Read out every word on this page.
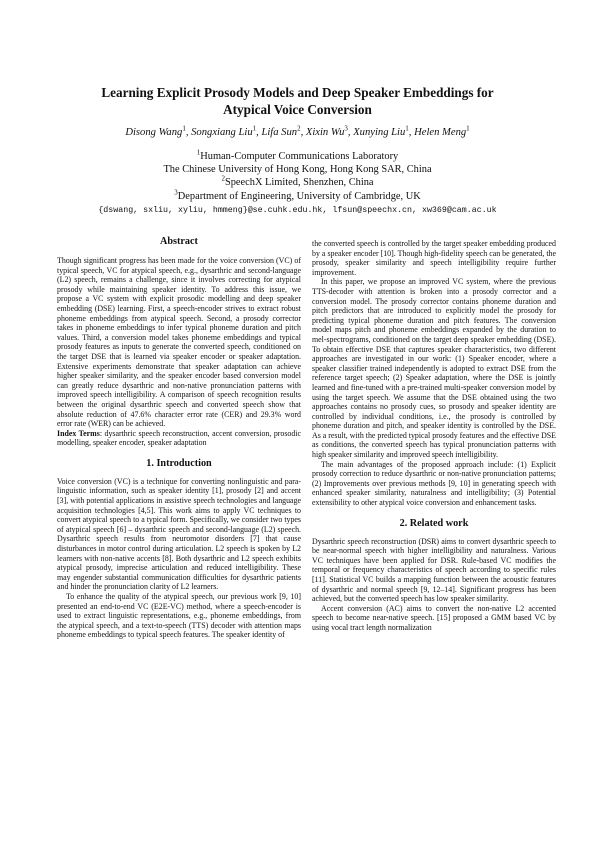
Learning Explicit Prosody Models and Deep Speaker Embeddings for
Atypical Voice Conversion
Disong Wang$^1$, Songxiang Liu$^1$, Lifa Sun$^2$, Xixin Wu$^3$, Xunying Liu$^1$, Helen Meng$^1$
$^1$Human-Computer Communications Laboratory
The Chinese University of Hong Kong, Hong Kong SAR, China
$^2$SpeechX Limited, Shenzhen, China
$^3$Department of Engineering, University of Cambridge, UK
{dswang, sxliu, xyliu, hmmeng}@se.cuhk.edu.hk, lfsun@speechx.cn, xw369@cam.ac.uk
Abstract

Though significant progress has been made for the voice conversion (VC) of typical speech, VC for atypical speech, e.g., dysarthric and second-language (L2) speech, remains a challenge, since it involves correcting for atypical prosody while maintaining speaker identity. To address this issue, we propose a VC system with explicit prosodic modelling and deep speaker embedding (DSE) learning. First, a speech-encoder strives to extract robust phoneme embeddings from atypical speech. Second, a prosody corrector takes in phoneme embeddings to infer typical phoneme duration and pitch values. Third, a conversion model takes phoneme embeddings and typical prosody features as inputs to generate the converted speech, conditioned on the target DSE that is learned via speaker encoder or speaker adaptation. Extensive experiments demonstrate that speaker adaptation can achieve higher speaker similarity, and the speaker encoder based conversion model can greatly reduce dysarthric and non-native pronunciation patterns with improved speech intelligibility. A comparison of speech recognition results between the original dysarthric speech and converted speech show that absolute reduction of 47.6% character error rate (CER) and 29.3% word error rate (WER) can be achieved.

Index Terms: dysarthric speech reconstruction, accent conversion, prosodic modelling, speaker encoder, speaker adaptation

1. Introduction

Voice conversion (VC) is a technique for converting nonlinguistic and para-linguistic information, such as speaker identity [1], prosody [2] and accent [3], with potential applications in assistive speech technologies and language acquisition technologies [4,5]. This work aims to apply VC techniques to convert atypical speech to a typical form. Specifically, we consider two types of atypical speech [6] – dysarthric speech and second-language (L2) speech. Dysarthric speech results from neuromotor disorders [7] that cause disturbances in motor control during articulation. L2 speech is spoken by L2 learners with non-native accents [8]. Both dysarthric and L2 speech exhibits atypical prosody, imprecise articulation and reduced intelligibility. These may engender substantial communication difficulties for dysarthric patients and hinder the pronunciation clarity of L2 learners.

To enhance the quality of the atypical speech, our previous work [9, 10] presented an end-to-end VC (E2E-VC) method, where a speech-encoder is used to extract linguistic representations, e.g., phoneme embeddings, from the atypical speech, and a text-to-speech (TTS) decoder with attention maps phoneme embeddings to typical speech features. The speaker identity of

the converted speech is controlled by the target speaker embedding produced by a speaker encoder [10]. Though high-fidelity speech can be generated, the prosody, speaker similarity and speech intelligibility require further improvement.

In this paper, we propose an improved VC system, where the previous TTS-decoder with attention is broken into a prosody corrector and a conversion model. The prosody corrector contains phoneme duration and pitch predictors that are introduced to explicitly model the prosody for predicting typical phoneme duration and pitch features. The conversion model maps pitch and phoneme embeddings expanded by the duration to mel-spectrograms, conditioned on the target deep speaker embedding (DSE). To obtain effective DSE that captures speaker characteristics, two different approaches are investigated in our work: (1) Speaker encoder, where a speaker classifier trained independently is adopted to extract DSE from the reference target speech; (2) Speaker adaptation, where the DSE is jointly learned and fine-tuned with a pre-trained multi-speaker conversion model by using the target speech. We assume that the DSE obtained using the two approaches contains no prosody cues, so prosody and speaker identity are controlled by individual conditions, i.e., the prosody is controlled by phoneme duration and pitch, and speaker identity is controlled by the DSE. As a result, with the predicted typical prosody features and the effective DSE as conditions, the converted speech has typical pronunciation patterns with high speaker similarity and improved speech intelligibility.

The main advantages of the proposed approach include: (1) Explicit prosody correction to reduce dysarthric or non-native pronunciation patterns; (2) Improvements over previous methods [9, 10] in generating speech with enhanced speaker similarity, naturalness and intelligibility; (3) Potential extensibility to other atypical voice conversion and enhancement tasks.

2. Related work

Dysarthric speech reconstruction (DSR) aims to convert dysarthric speech to be near-normal speech with higher intelligibility and naturalness. Various VC techniques have been applied for DSR. Rule-based VC modifies the temporal or frequency characteristics of speech according to specific rules [11]. Statistical VC builds a mapping function between the acoustic features of dysarthric and normal speech [9, 12–14]. Significant progress has been achieved, but the converted speech has low speaker similarity.

Accent conversion (AC) aims to convert the non-native L2 accented speech to become near-native speech. [15] proposed a GMM based VC by using vocal tract length normalization
